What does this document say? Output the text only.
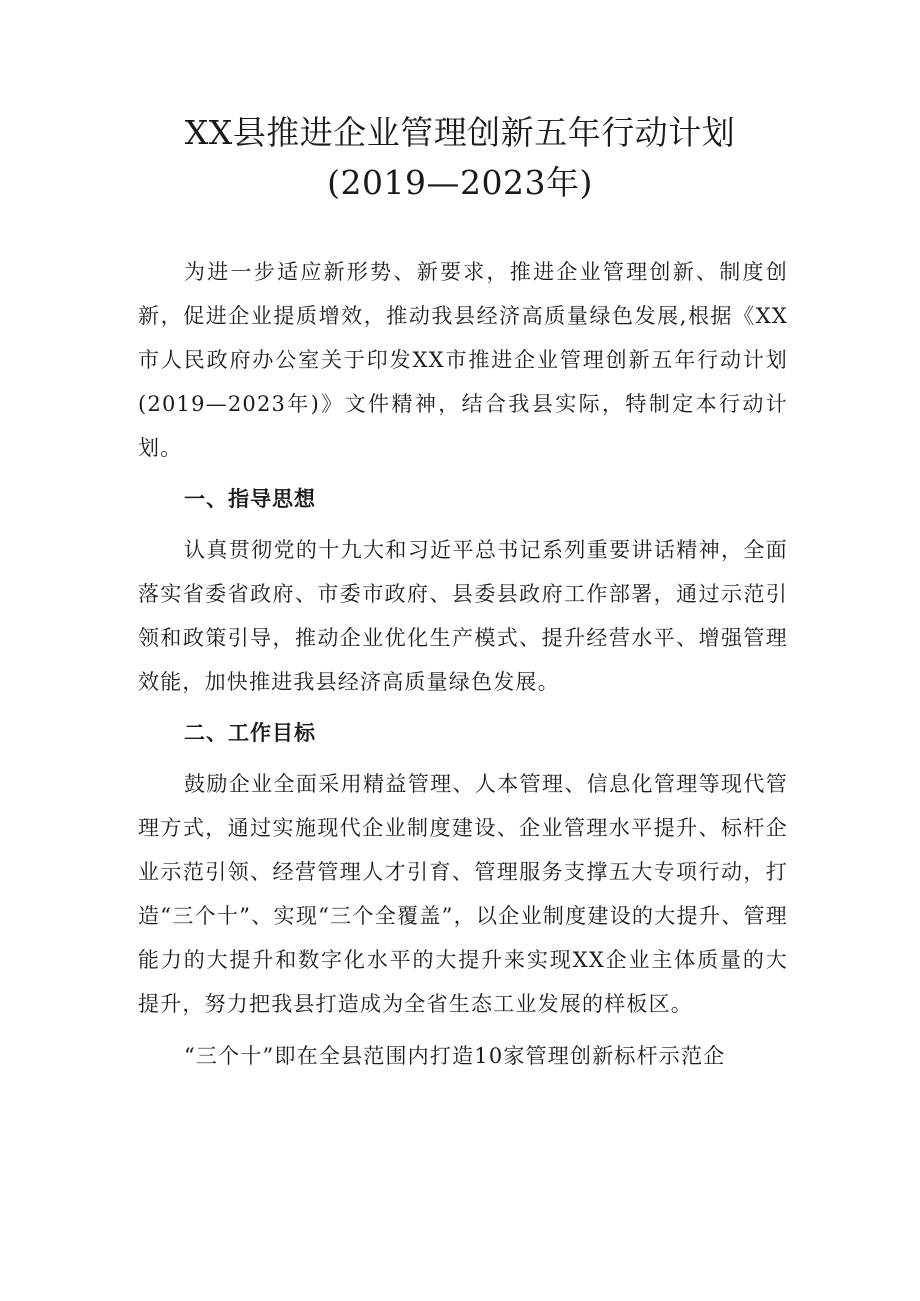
XX县推进企业管理创新五年行动计划
(2019—2023年)

为进一步适应新形势、新要求，推进企业管理创新、制度创新，促进企业提质增效，推动我县经济高质量绿色发展,根据《XX市人民政府办公室关于印发XX市推进企业管理创新五年行动计划(2019—2023年)》文件精神，结合我县实际，特制定本行动计划。

一、指导思想

认真贯彻党的十九大和习近平总书记系列重要讲话精神，全面落实省委省政府、市委市政府、县委县政府工作部署，通过示范引领和政策引导，推动企业优化生产模式、提升经营水平、增强管理效能，加快推进我县经济高质量绿色发展。

二、工作目标

鼓励企业全面采用精益管理、人本管理、信息化管理等现代管理方式，通过实施现代企业制度建设、企业管理水平提升、标杆企业示范引领、经营管理人才引育、管理服务支撑五大专项行动，打造“三个十”、实现“三个全覆盖”，以企业制度建设的大提升、管理能力的大提升和数字化水平的大提升来实现XX企业主体质量的大提升，努力把我县打造成为全省生态工业发展的样板区。

“三个十”即在全县范围内打造10家管理创新标杆示范企
